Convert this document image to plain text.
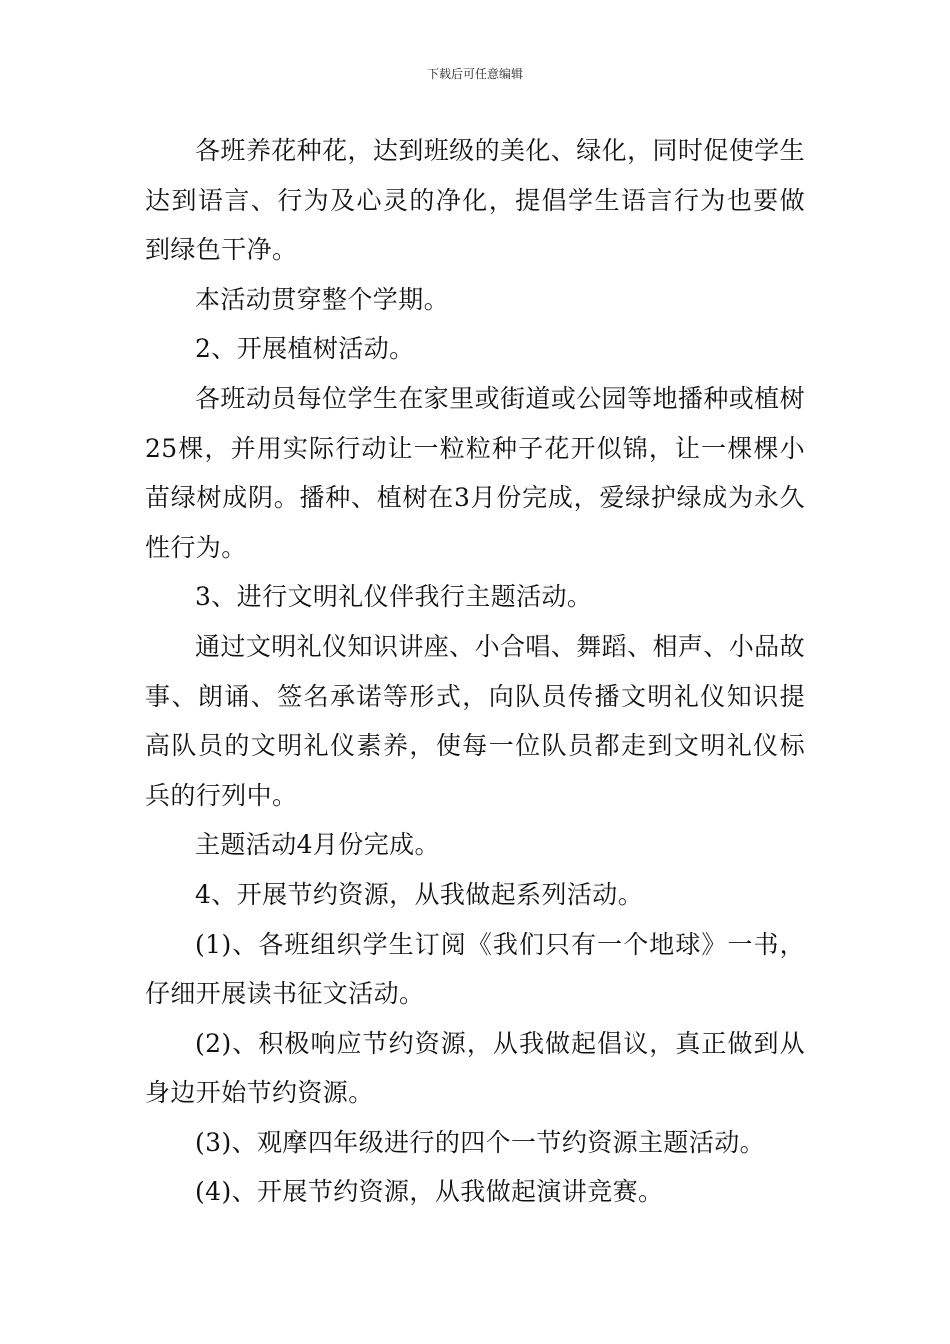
下载后可任意编辑

各班养花种花，达到班级的美化、绿化，同时促使学生达到语言、行为及心灵的净化，提倡学生语言行为也要做到绿色干净。

本活动贯穿整个学期。

2、开展植树活动。

各班动员每位学生在家里或街道或公园等地播种或植树25棵，并用实际行动让一粒粒种子花开似锦，让一棵棵小苗绿树成阴。播种、植树在3月份完成，爱绿护绿成为永久性行为。

3、进行文明礼仪伴我行主题活动。

通过文明礼仪知识讲座、小合唱、舞蹈、相声、小品故事、朗诵、签名承诺等形式，向队员传播文明礼仪知识提高队员的文明礼仪素养，使每一位队员都走到文明礼仪标兵的行列中。

主题活动4月份完成。

4、开展节约资源，从我做起系列活动。

(1)、各班组织学生订阅《我们只有一个地球》一书，仔细开展读书征文活动。

(2)、积极响应节约资源，从我做起倡议，真正做到从身边开始节约资源。

(3)、观摩四年级进行的四个一节约资源主题活动。

(4)、开展节约资源，从我做起演讲竞赛。
